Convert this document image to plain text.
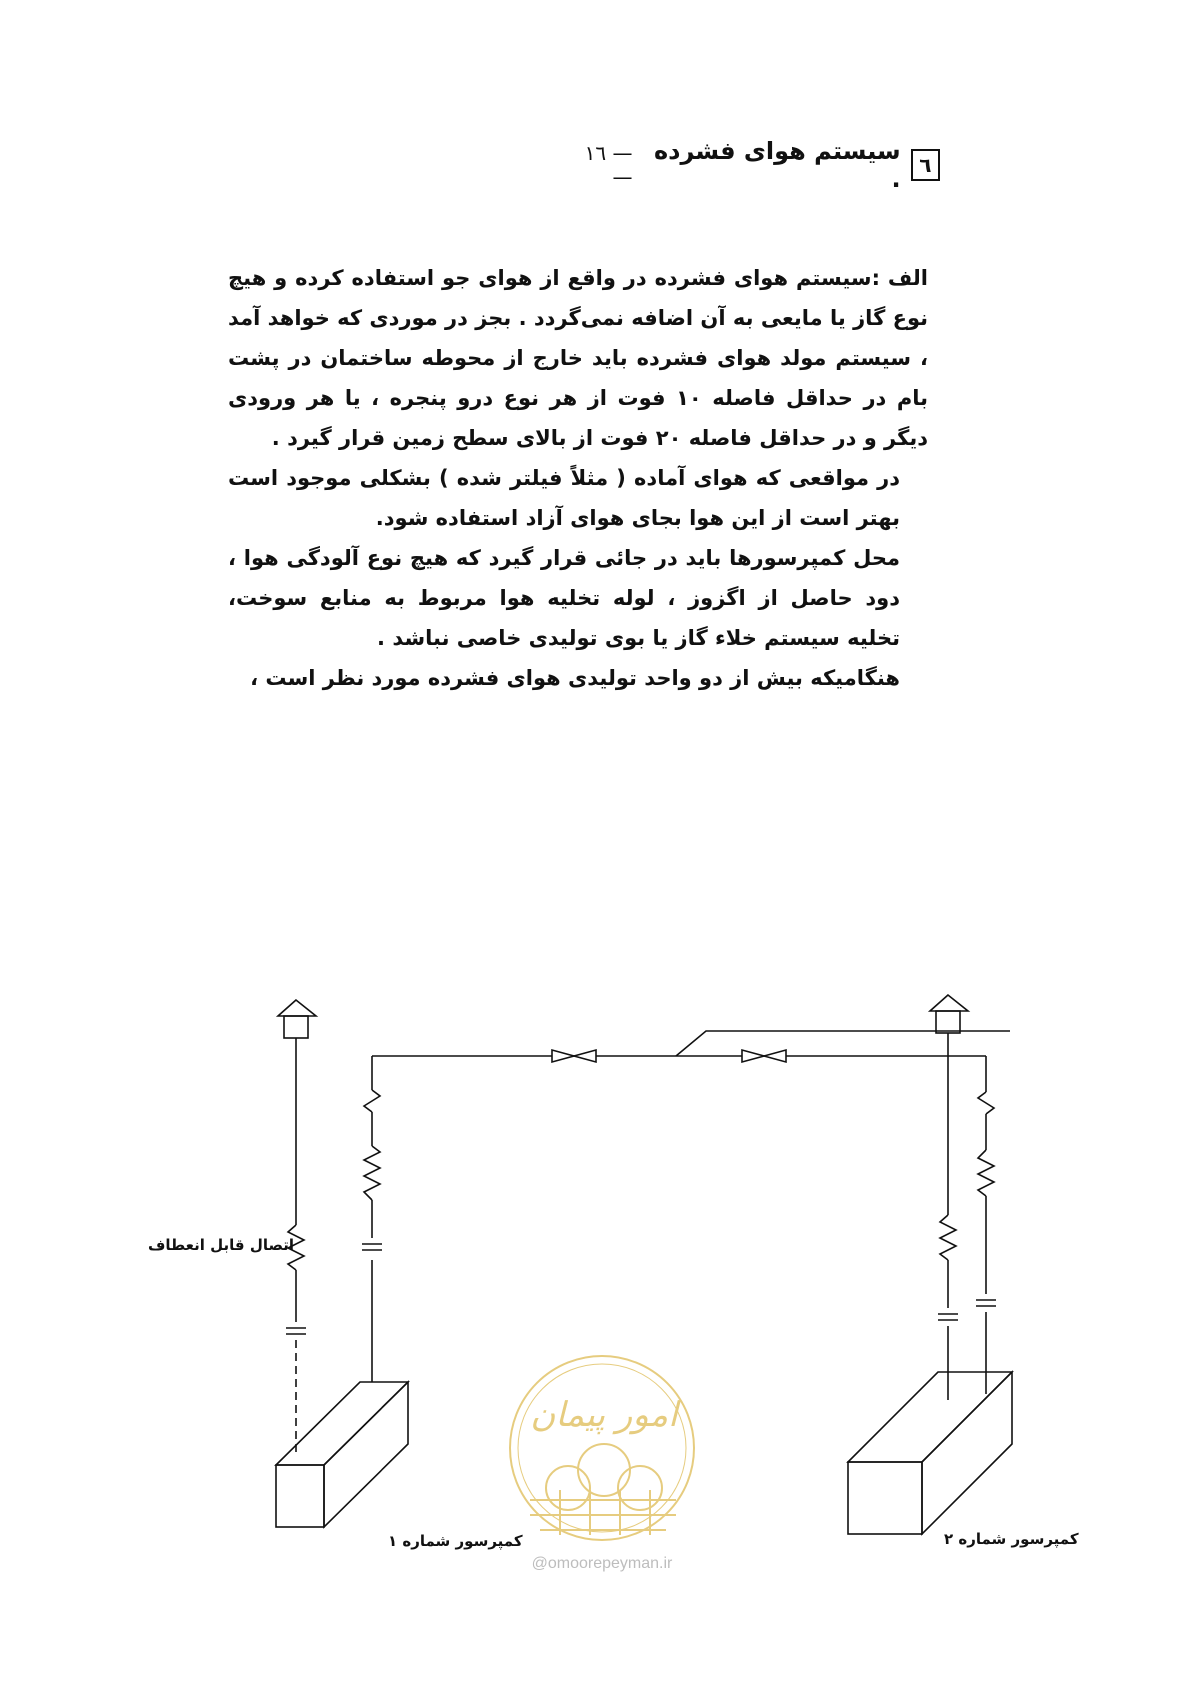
٦
سیستم هوای فشرده .
— ١٦ —

الف :سیستم هوای فشرده در واقع از هوای جو استفاده کرده و هیچ نوع گاز یا مایعی به آن اضافه نمی‌گردد . بجز در موردی که خواهد آمد ، سیستم مولد هوای فشرده باید خارج از محوطه ساختمان در پشت بام در حداقل فاصله ۱۰ فوت از هر نوع درو پنجره ، یا هر ورودی دیگر و در حداقل فاصله ۲۰ فوت از بالای سطح زمین قرار گیرد .

در مواقعی که هوای آماده ( مثلاً فیلتر شده ) بشکلی موجود است بهتر است از این هوا بجای هوای آزاد استفاده شود.

محل کمپرسورها باید در جائی قرار گیرد که هیچ نوع آلودگی هوا ، دود حاصل از اگزوز ، لوله تخلیه هوا مربوط به منابع سوخت، تخلیه سیستم خلاء گاز یا بوی تولیدی خاصی نباشد .

هنگامیکه بیش از دو واحد تولیدی هوای فشرده مورد نظر است ،

امور پیمان
اتصال قابل انعطاف
کمپرسور شماره ۱	کمپرسور شماره ۲
@omoorepeyman.ir
